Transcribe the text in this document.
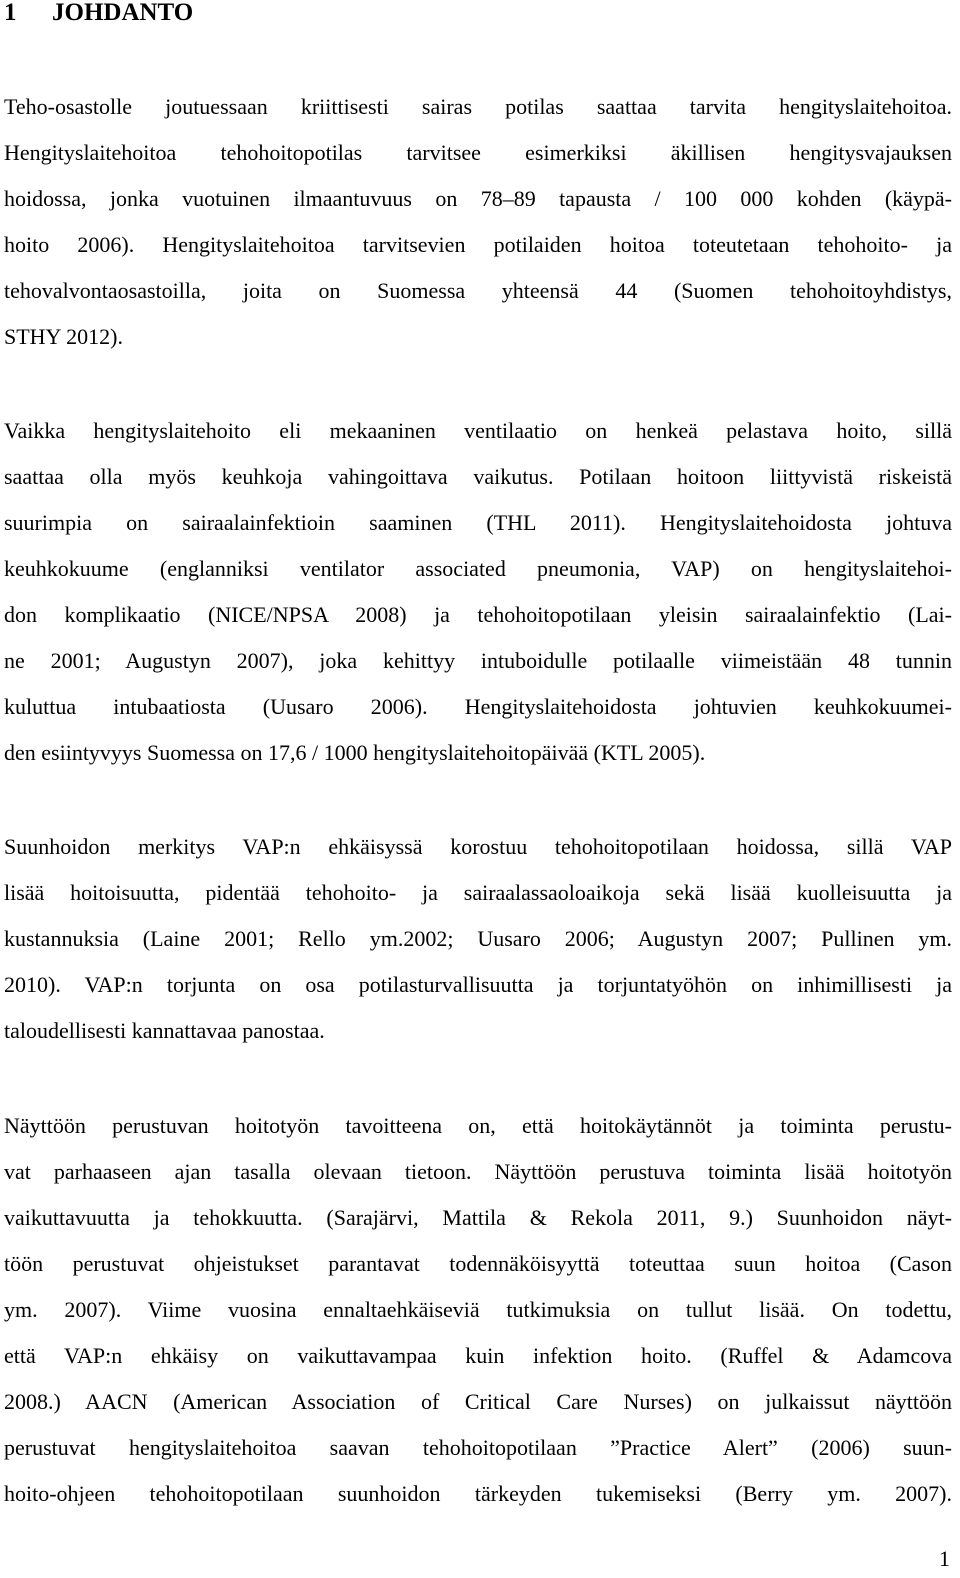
1 JOHDANTO
Teho-osastolle joutuessaan kriittisesti sairas potilas saattaa tarvita hengityslaitehoitoa.
Hengityslaitehoitoa tehohoitopotilas tarvitsee esimerkiksi äkillisen hengitysvajauksen
hoidossa, jonka vuotuinen ilmaantuvuus on 78–89 tapausta / 100 000 kohden (käypä-
hoito 2006). Hengityslaitehoitoa tarvitsevien potilaiden hoitoa toteutetaan tehohoito- ja
tehovalvontaosastoilla, joita on Suomessa yhteensä 44 (Suomen tehohoitoyhdistys,
STHY 2012).
Vaikka hengityslaitehoito eli mekaaninen ventilaatio on henkeä pelastava hoito, sillä
saattaa olla myös keuhkoja vahingoittava vaikutus. Potilaan hoitoon liittyvistä riskeistä
suurimpia on sairaalainfektioin saaminen (THL 2011). Hengityslaitehoidosta johtuva
keuhkokuume (englanniksi ventilator associated pneumonia, VAP) on hengityslaitehoi-
don komplikaatio (NICE/NPSA 2008) ja tehohoitopotilaan yleisin sairaalainfektio (Lai-
ne 2001; Augustyn 2007), joka kehittyy intuboidulle potilaalle viimeistään 48 tunnin
kuluttua intubaatiosta (Uusaro 2006). Hengityslaitehoidosta johtuvien keuhkokuumei-
den esiintyvyys Suomessa on 17,6 / 1000 hengityslaitehoitopäivää (KTL 2005).
Suunhoidon merkitys VAP:n ehkäisyssä korostuu tehohoitopotilaan hoidossa, sillä VAP
lisää hoitoisuutta, pidentää tehohoito- ja sairaalassaoloaikoja sekä lisää kuolleisuutta ja
kustannuksia (Laine 2001; Rello ym.2002; Uusaro 2006; Augustyn 2007; Pullinen ym.
2010). VAP:n torjunta on osa potilasturvallisuutta ja torjuntatyöhön on inhimillisesti ja
taloudellisesti kannattavaa panostaa.
Näyttöön perustuvan hoitotyön tavoitteena on, että hoitokäytännöt ja toiminta perustu-
vat parhaaseen ajan tasalla olevaan tietoon. Näyttöön perustuva toiminta lisää hoitotyön
vaikuttavuutta ja tehokkuutta. (Sarajärvi, Mattila & Rekola 2011, 9.) Suunhoidon näyt-
töön perustuvat ohjeistukset parantavat todennäköisyyttä toteuttaa suun hoitoa (Cason
ym. 2007). Viime vuosina ennaltaehkäiseviä tutkimuksia on tullut lisää. On todettu,
että VAP:n ehkäisy on vaikuttavampaa kuin infektion hoito. (Ruffel & Adamcova
2008.) AACN (American Association of Critical Care Nurses) on julkaissut näyttöön
perustuvat hengityslaitehoitoa saavan tehohoitopotilaan ”Practice Alert” (2006) suun-
hoito-ohjeen tehohoitopotilaan suunhoidon tärkeyden tukemiseksi (Berry ym. 2007).
1
